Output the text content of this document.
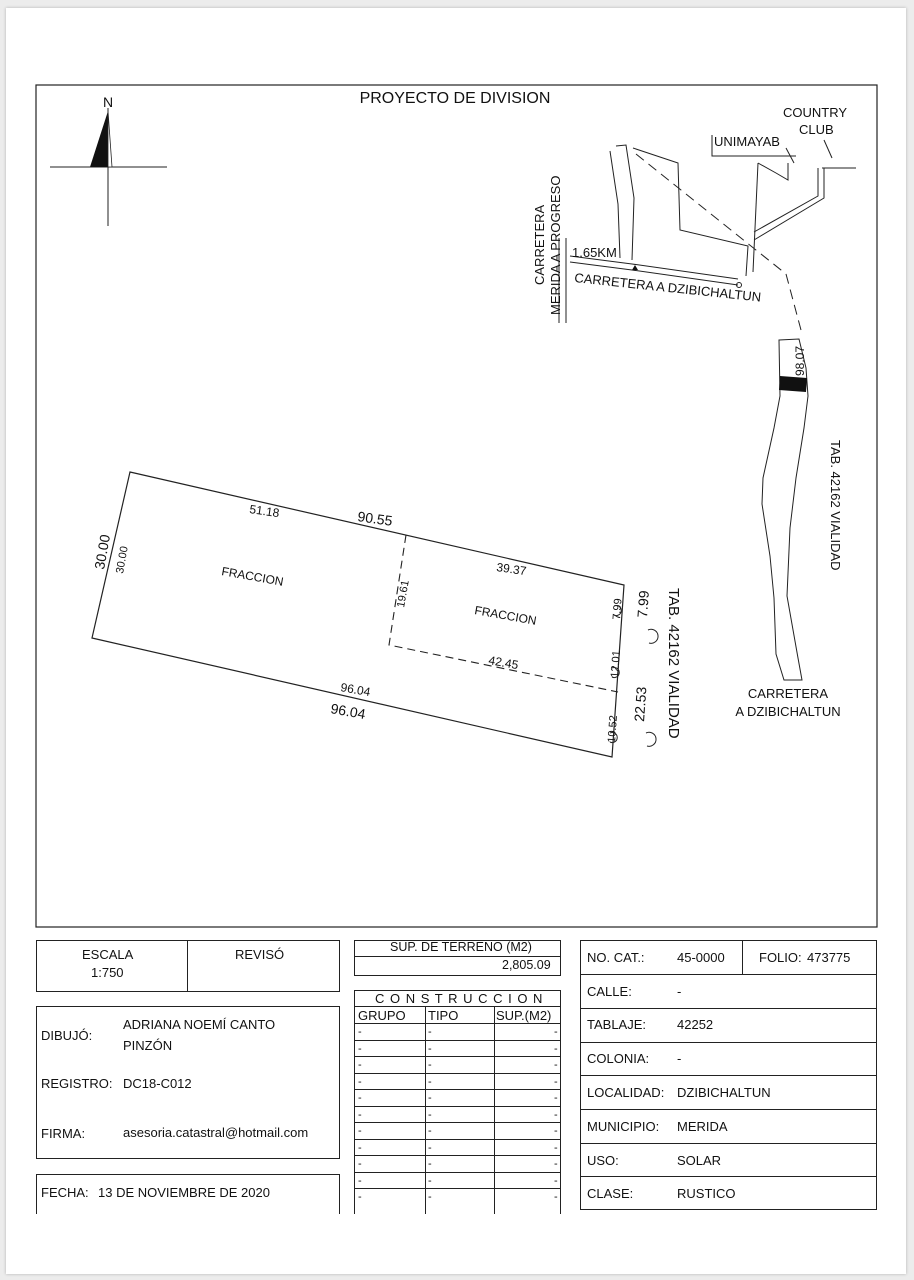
PROYECTO DE DIVISION
N
CARRETERA MERIDA A PROGRESO 1.65KM
CARRETERA A DZIBICHALTUN
UNIMAYAB
COUNTRY
CLUB
98.07
TAB. 42162 VIALIDAD
CARRETERA
A DZIBICHALTUN
90.55
51.18
39.37
30.00 30.00
FRACCION
FRACCION
19.61
42.45
96.04
96.04
7.99
12.01
10.52
7.99
22.53 TAB. 42162 VIALIDAD
ESCALA
1:750
REVISÓ
DIBUJÓ:
ADRIANA NOEMÍ CANTO
PINZÓN
REGISTRO: DC18-C012
FIRMA:	asesoria.catastral@hotmail.com
FECHA: 13 DE NOVIEMBRE DE 2020
SUP. DE TERRENO (M2)
2,805.09
C O N S T R U C C I O N
GRUPO TIPO	SUP.(M2)
-	-	-
-	-	-
-	-	-
-	-	-
-	-	-
-	-	-
-	-	-
-	-	-
-	-	-
-	-	-
-	-	-
NO. CAT.: 45-0000	FOLIO: 473775
CALLE:	-
TABLAJE: 42252
COLONIA: -
LOCALIDAD: DZIBICHALTUN
MUNICIPIO: MERIDA
USO:	SOLAR
CLASE:	RUSTICO
